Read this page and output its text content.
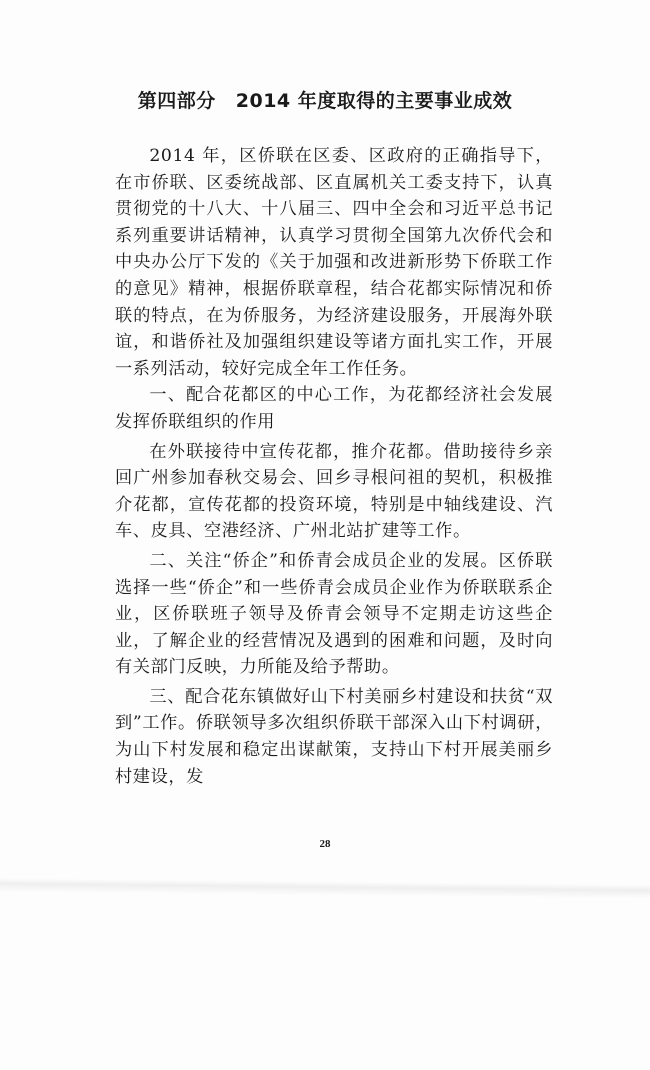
第四部分 2014 年度取得的主要事业成效

2014 年，区侨联在区委、区政府的正确指导下，在市侨联、区委统战部、区直属机关工委支持下，认真贯彻党的十八大、十八届三、四中全会和习近平总书记系列重要讲话精神，认真学习贯彻全国第九次侨代会和中央办公厅下发的《关于加强和改进新形势下侨联工作的意见》精神，根据侨联章程，结合花都实际情况和侨联的特点，在为侨服务，为经济建设服务，开展海外联谊，和谐侨社及加强组织建设等诸方面扎实工作，开展一系列活动，较好完成全年工作任务。

一、配合花都区的中心工作，为花都经济社会发展发挥侨联组织的作用

在外联接待中宣传花都，推介花都。借助接待乡亲回广州参加春秋交易会、回乡寻根问祖的契机，积极推介花都，宣传花都的投资环境，特别是中轴线建设、汽车、皮具、空港经济、广州北站扩建等工作。

二、关注“侨企”和侨青会成员企业的发展。区侨联选择一些“侨企”和一些侨青会成员企业作为侨联联系企业，区侨联班子领导及侨青会领导不定期走访这些企业，了解企业的经营情况及遇到的困难和问题，及时向有关部门反映，力所能及给予帮助。

三、配合花东镇做好山下村美丽乡村建设和扶贫“双到”工作。侨联领导多次组织侨联干部深入山下村调研，为山下村发展和稳定出谋献策，支持山下村开展美丽乡村建设，发

28
